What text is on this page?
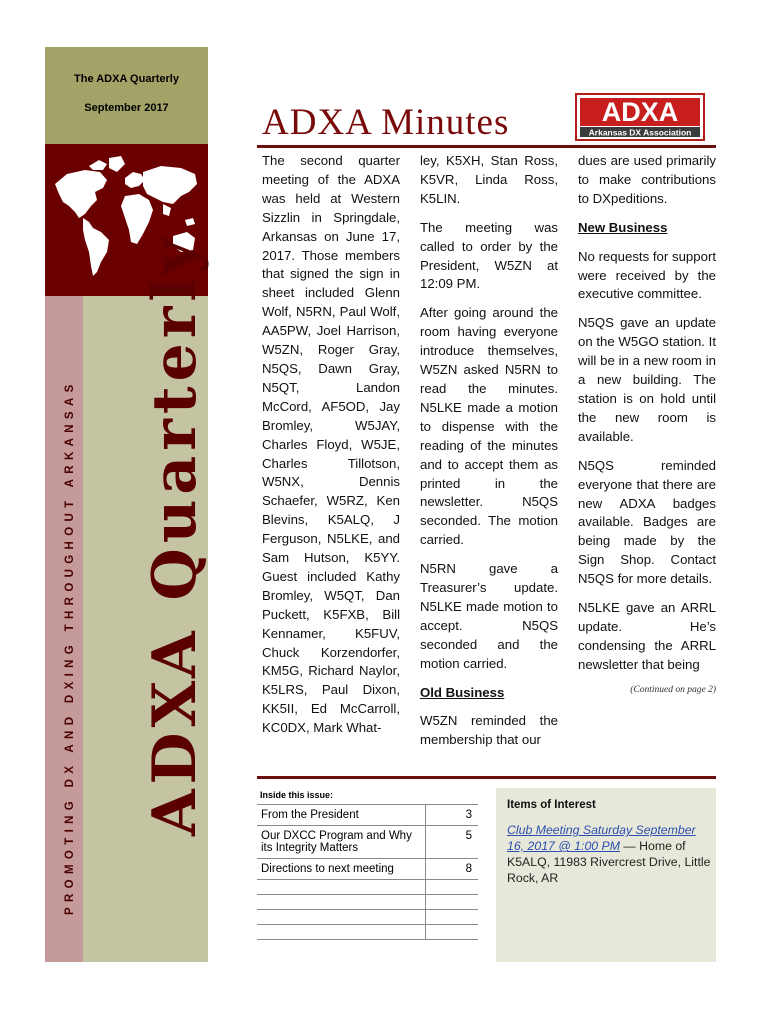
The ADXA Quarterly
September 2017
PROMOTING DX AND DXING THROUGHOUT ARKANSAS ADXA Quarterly
ADXA Minutes	ADXA
Arkansas DX Association

The second quarter meeting of the ADXA was held at Western Sizzlin in Springdale, Arkansas on June 17, 2017. Those members that signed the sign in sheet included Glenn Wolf, N5RN, Paul Wolf, AA5PW, Joel Harrison, W5ZN, Roger Gray, N5QS, Dawn Gray, N5QT, Landon McCord, AF5OD, Jay Bromley, W5JAY, Charles Floyd, W5JE, Charles Tillotson, W5NX, Dennis Schaefer, W5RZ, Ken Blevins, K5ALQ, J Ferguson, N5LKE, and Sam Hutson, K5YY. Guest included Kathy Bromley, W5QT, Dan Puckett, K5FXB, Bill Kennamer, K5FUV, Chuck Korzendorfer, KM5G, Richard Naylor, K5LRS, Paul Dixon, KK5II, Ed McCarroll, KC0DX, Mark What-

ley, K5XH, Stan Ross, K5VR, Linda Ross, K5LIN.

The meeting was called to order by the President, W5ZN at 12:09 PM.

After going around the room having everyone introduce themselves, W5ZN asked N5RN to read the minutes. N5LKE made a motion to dispense with the reading of the minutes and to accept them as printed in the newsletter. N5QS seconded. The motion carried.

N5RN gave a Treasurer’s update. N5LKE made motion to accept. N5QS seconded and the motion carried.

Old Business

W5ZN reminded the membership that our

dues are used primarily to make contributions to DXpeditions.

New Business

No requests for support were received by the executive committee.

N5QS gave an update on the W5GO station. It will be in a new room in a new building. The station is on hold until the new room is available.

N5QS reminded everyone that there are new ADXA badges available. Badges are being made by the Sign Shop. Contact N5QS for more details.

N5LKE gave an ARRL update. He’s condensing the ARRL newsletter that being

(Continued on page 2)
Inside this issue:
From the President	3
Our DXCC Program and Why its Integrity Matters	5
Directions to next meeting	8

Items of Interest
Club Meeting Saturday September 16, 2017 @ 1:00 PM — Home of K5ALQ, 11983 Rivercrest Drive, Little Rock, AR
